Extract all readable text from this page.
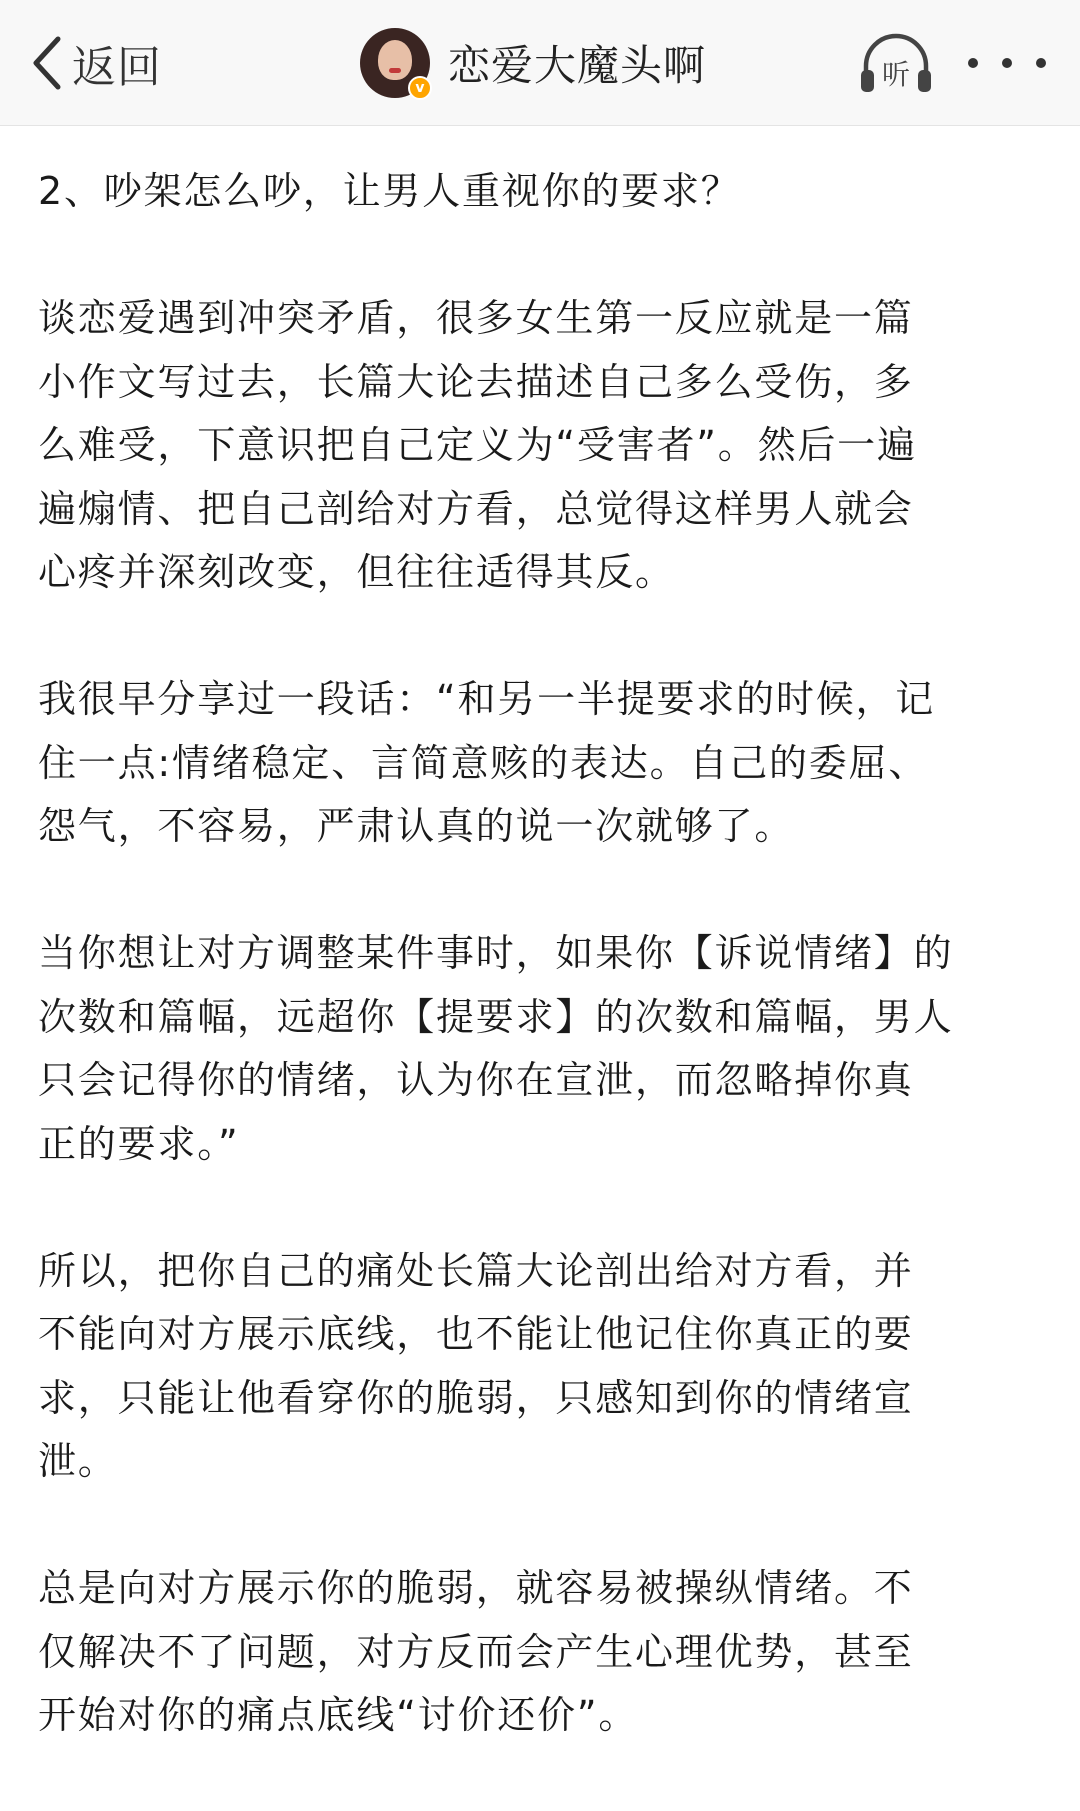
返回	v 恋爱大魔头啊	听
2、吵架怎么吵，让男人重视你的要求？
谈恋爱遇到冲突矛盾，很多女生第一反应就是一篇
小作文写过去，长篇大论去描述自己多么受伤，多
么难受，下意识把自己定义为“受害者”。然后一遍
遍煽情、把自己剖给对方看，总觉得这样男人就会
心疼并深刻改变，但往往适得其反。
我很早分享过一段话：“和另一半提要求的时候，记
住一点:情绪稳定、言简意赅的表达。自己的委屈、
怨气，不容易，严肃认真的说一次就够了。
当你想让对方调整某件事时，如果你【诉说情绪】的
次数和篇幅，远超你【提要求】的次数和篇幅，男人
只会记得你的情绪，认为你在宣泄，而忽略掉你真
正的要求。”
所以，把你自己的痛处长篇大论剖出给对方看，并
不能向对方展示底线，也不能让他记住你真正的要
求，只能让他看穿你的脆弱，只感知到你的情绪宣
泄。
总是向对方展示你的脆弱，就容易被操纵情绪。不
仅解决不了问题，对方反而会产生心理优势，甚至
开始对你的痛点底线“讨价还价”。
